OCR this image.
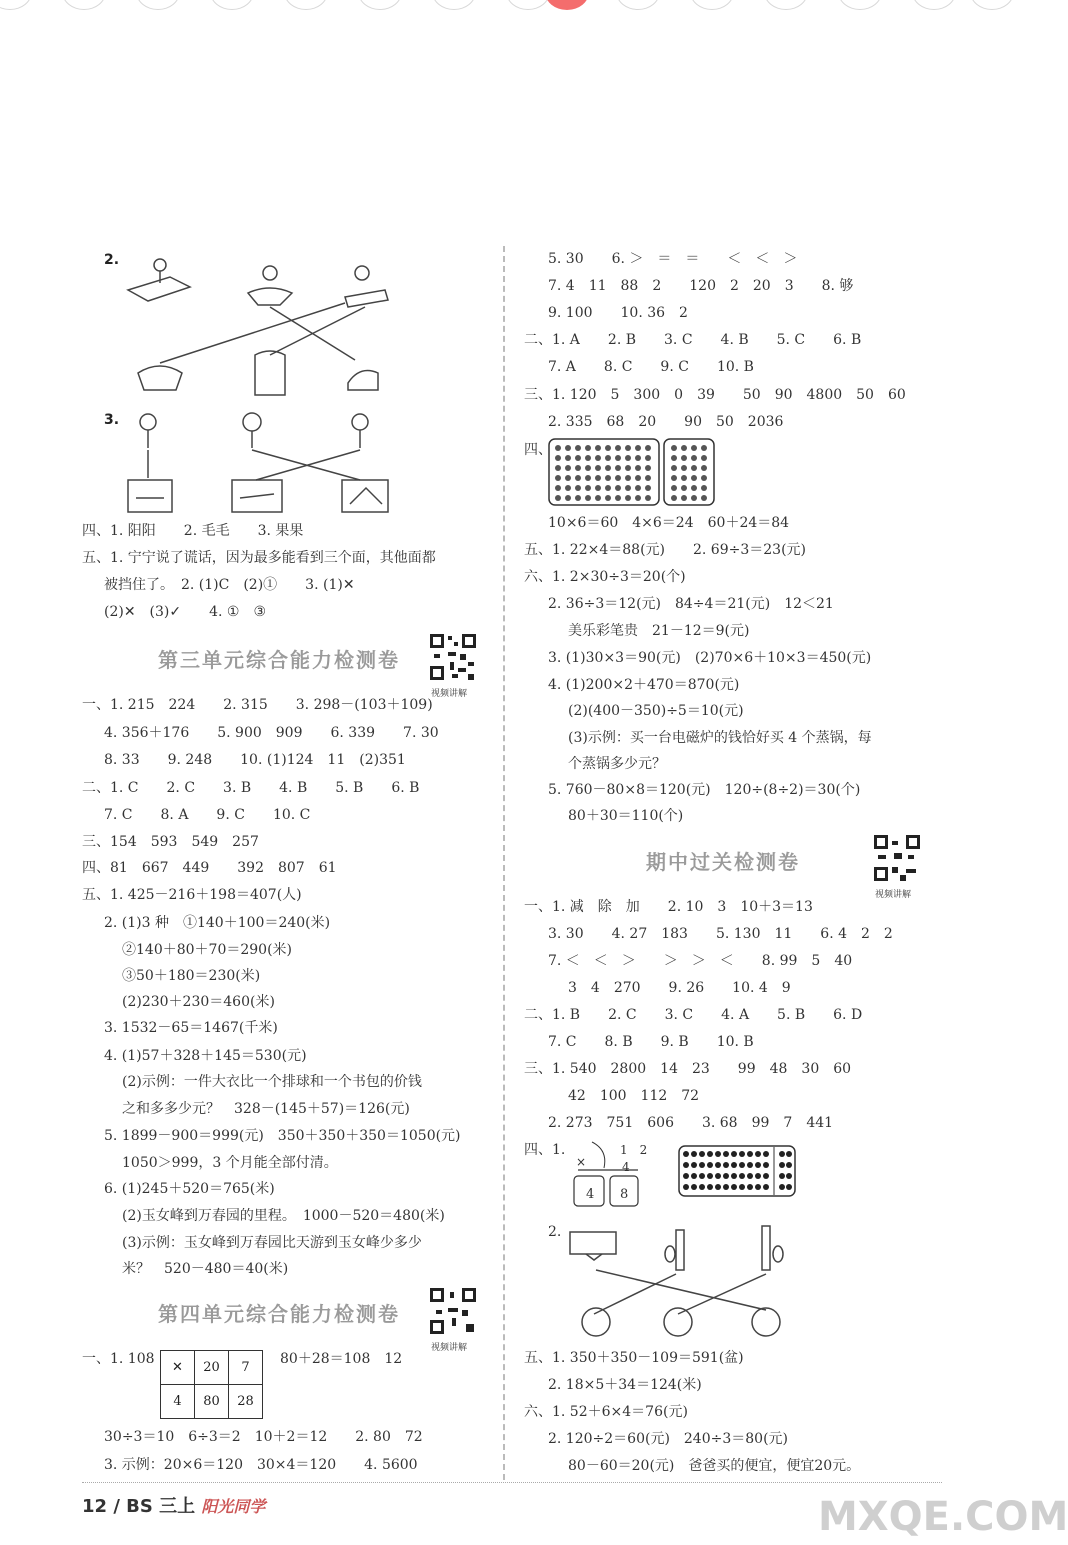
2.
3.
四、1. 阳阳　　2. 毛毛　　3. 果果
五、1. 宁宁说了谎话，因为最多能看到三个面，其他面都
被挡住了。　2. (1)C　(2)①　　3. (1)✕
(2)✕　(3)✓　　4. ①　③
第三单元综合能力检测卷
视频讲解
一、1. 215　224　　2. 315　　3. 298－(103＋109)
4. 356＋176　　5. 900　909　　6. 339　　7. 30
8. 33　　9. 248　　10. (1)124　11　(2)351
二、1. C　　2. C　　3. B　　4. B　　5. B　　6. B
7. C　　8. A　　9. C　　10. C
三、154　593　549　257
四、81　667　449　　392　807　61
五、1. 425－216＋198＝407(人)
2. (1)3 种　①140＋100＝240(米)
②140＋80＋70＝290(米)
③50＋180＝230(米)
(2)230＋230＝460(米)
3. 1532－65＝1467(千米)
4. (1)57＋328＋145＝530(元)
(2)示例：一件大衣比一个排球和一个书包的价钱
之和多多少元？　328－(145＋57)＝126(元)
5. 1899－900＝999(元)　350＋350＋350＝1050(元)
1050＞999，3 个月能全部付清。
6. (1)245＋520＝765(米)
(2)玉女峰到万春园的里程。　1000－520＝480(米)
(3)示例：玉女峰到万春园比天游到玉女峰少多少
米？　520－480＝40(米)
第四单元综合能力检测卷
视频讲解
一、1. 108
✕	20	7
4	80	28
80＋28＝108　12
30÷3＝10　6÷3＝2　10＋2＝12　　2. 80　72
3. 示例：20×6＝120　30×4＝120　　4. 5600
5. 30　　6. ＞　＝　＝　　＜　＜　＞
7. 4　11　88　2　　120　2　20　3　　8. 够
9. 100　　10. 36　2
二、1. A　　2. B　　3. C　　4. B　　5. C　　6. B
7. A　　8. C　　9. C　　10. B
三、1. 120　5　300　0　39　　50　90　4800　50　60
2. 335　68　20　　90　50　2036
四、
10×6＝60　4×6＝24　60＋24＝84
五、1. 22×4＝88(元)　　2. 69÷3＝23(元)
六、1. 2×30÷3＝20(个)
2. 36÷3＝12(元)　84÷4＝21(元)　12＜21
美乐彩笔贵　21－12＝9(元)
3. (1)30×3＝90(元)　(2)70×6＋10×3＝450(元)
4. (1)200×2＋470＝870(元)
(2)(400－350)÷5＝10(元)
(3)示例：买一台电磁炉的钱恰好买 4 个蒸锅，每
个蒸锅多少元？
5. 760－80×8＝120(元)　120÷(8÷2)＝30(个)
80＋30＝110(个)
期中过关检测卷
视频讲解
一、1. 减　除　加　　2. 10　3　10＋3＝13
3. 30　　4. 27　183　　5. 130　11　　6. 4　2　2
7. ＜　＜　＞　　＞　＞　＜　　8. 99　5　40
3　4　270　　9. 26　　10. 4　9
二、1. B　　2. C　　3. C　　4. A　　5. B　　6. D
7. C　　8. B　　9. B　　10. B
三、1. 540　2800　14　23　　99　48　30　60
42　100　112　72
2. 273　751　606　　3. 68　99　7　441
四、1.	1　2
4
4 8
×
2.
五、1. 350＋350－109＝591(盆)
2. 18×5＋34＝124(米)
六、1. 52＋6×4＝76(元)
2. 120÷2＝60(元)　240÷3＝80(元)
80－60＝20(元)　爸爸买的便宜，便宜20元。
12 / BS 三上 阳光同学	MXQE.COM
